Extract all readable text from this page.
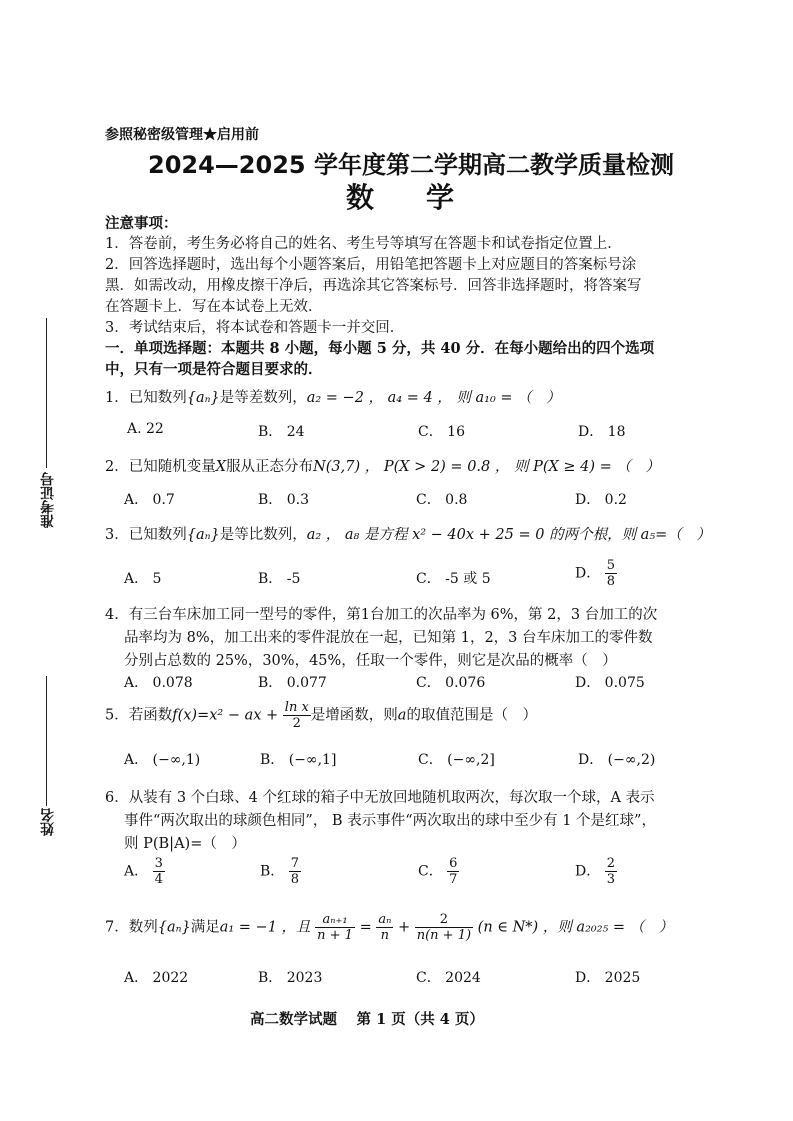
准考证号
姓名
参照秘密级管理★启用前
2024—2025 学年度第二学期高二教学质量检测
数　学
注意事项：
1．答卷前，考生务必将自己的姓名、考生号等填写在答题卡和试卷指定位置上．
2．回答选择题时，选出每个小题答案后，用铅笔把答题卡上对应题目的答案标号涂
黑．如需改动，用橡皮擦干净后，再选涂其它答案标号．回答非选择题时，将答案写
在答题卡上．写在本试卷上无效．
3．考试结束后，将本试卷和答题卡一并交回．
一．单项选择题：本题共 8 小题，每小题 5 分，共 40 分．在每小题给出的四个选项
中，只有一项是符合题目要求的．
1．已知数列{aₙ}是等差数列，a₂ = −2 ， a₄ = 4 ， 则 a₁₀ = （　）
A. 22	B． 24	C． 16	D． 18
2．已知随机变量X服从正态分布N(3,7) ， P(X > 2) = 0.8 ， 则 P(X ≥ 4) = （　）
A． 0.7	B． 0.3	C． 0.8	D． 0.2
3．已知数列{aₙ}是等比数列，a₂ ， a₈ 是方程 x² − 40x + 25 = 0 的两个根，则 a₅=（　）
A． 5	B． -5	C． -5 或 5	D． $\frac{5}{8}$
4．有三台车床加工同一型号的零件，第1台加工的次品率为 6%，第 2，3 台加工的次
品率均为 8%，加工出来的零件混放在一起，已知第 1，2，3 台车床加工的零件数
分别占总数的 25%，30%，45%，任取一个零件，则它是次品的概率（　）
A． 0.078	B． 0.077	C． 0.076	D． 0.075
5．若函数f(x)=x² − ax + $\frac{\text{ln x}}{2}$ 是增函数，则a的取值范围是（　）
A． (−∞,1)	B． (−∞,1]	C． (−∞,2]	D． (−∞,2)
6．从装有 3 个白球、4 个红球的箱子中无放回地随机取两次，每次取一个球，A 表示
事件“两次取出的球颜色相同”， B 表示事件“两次取出的球中至少有 1 个是红球”，
则 P(B|A)=（　）
A． $\frac{3}{4}$	B． $\frac{7}{8}$	C． $\frac{6}{7}$	D． $\frac{2}{3}$
7．数列{aₙ}满足a₁ = −1 ，且 $\frac{\text{aₙ₊₁}}{n + 1} = \frac{\text{aₙ}}{n} + \frac{2}{n(n + 1)} (n$ ∈ N*) ，则 a₂₀₂₅ = （　）
A． 2022	B． 2023	C． 2024	D． 2025
高二数学试题　 第 1 页（共 4 页）
